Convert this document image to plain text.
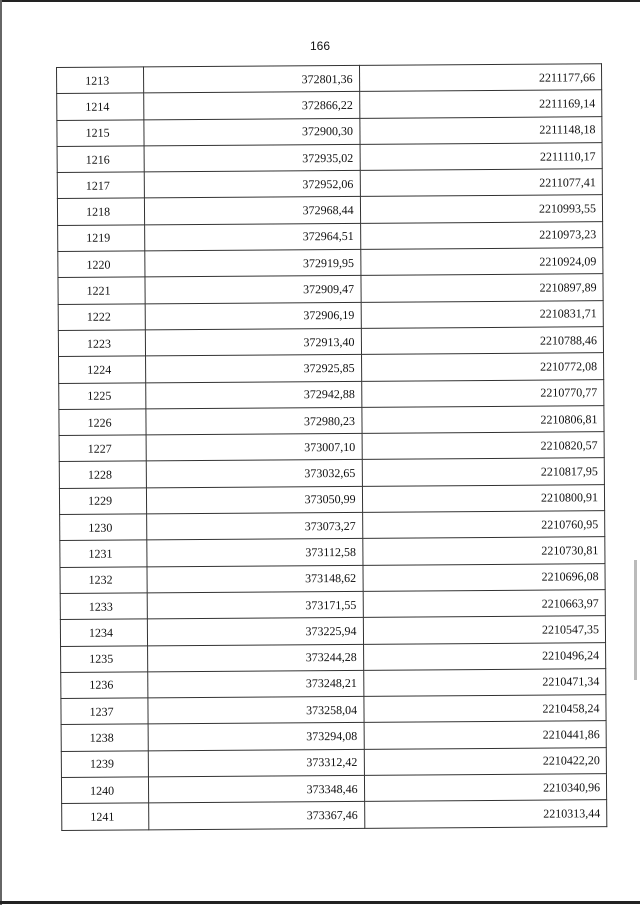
166
1213	372801,36	2211177,66
1214	372866,22	2211169,14
1215	372900,30	2211148,18
1216	372935,02	2211110,17
1217	372952,06	2211077,41
1218	372968,44	2210993,55
1219	372964,51	2210973,23
1220	372919,95	2210924,09
1221	372909,47	2210897,89
1222	372906,19	2210831,71
1223	372913,40	2210788,46
1224	372925,85	2210772,08
1225	372942,88	2210770,77
1226	372980,23	2210806,81
1227	373007,10	2210820,57
1228	373032,65	2210817,95
1229	373050,99	2210800,91
1230	373073,27	2210760,95
1231	373112,58	2210730,81
1232	373148,62	2210696,08
1233	373171,55	2210663,97
1234	373225,94	2210547,35
1235	373244,28	2210496,24
1236	373248,21	2210471,34
1237	373258,04	2210458,24
1238	373294,08	2210441,86
1239	373312,42	2210422,20
1240	373348,46	2210340,96
1241	373367,46	2210313,44
